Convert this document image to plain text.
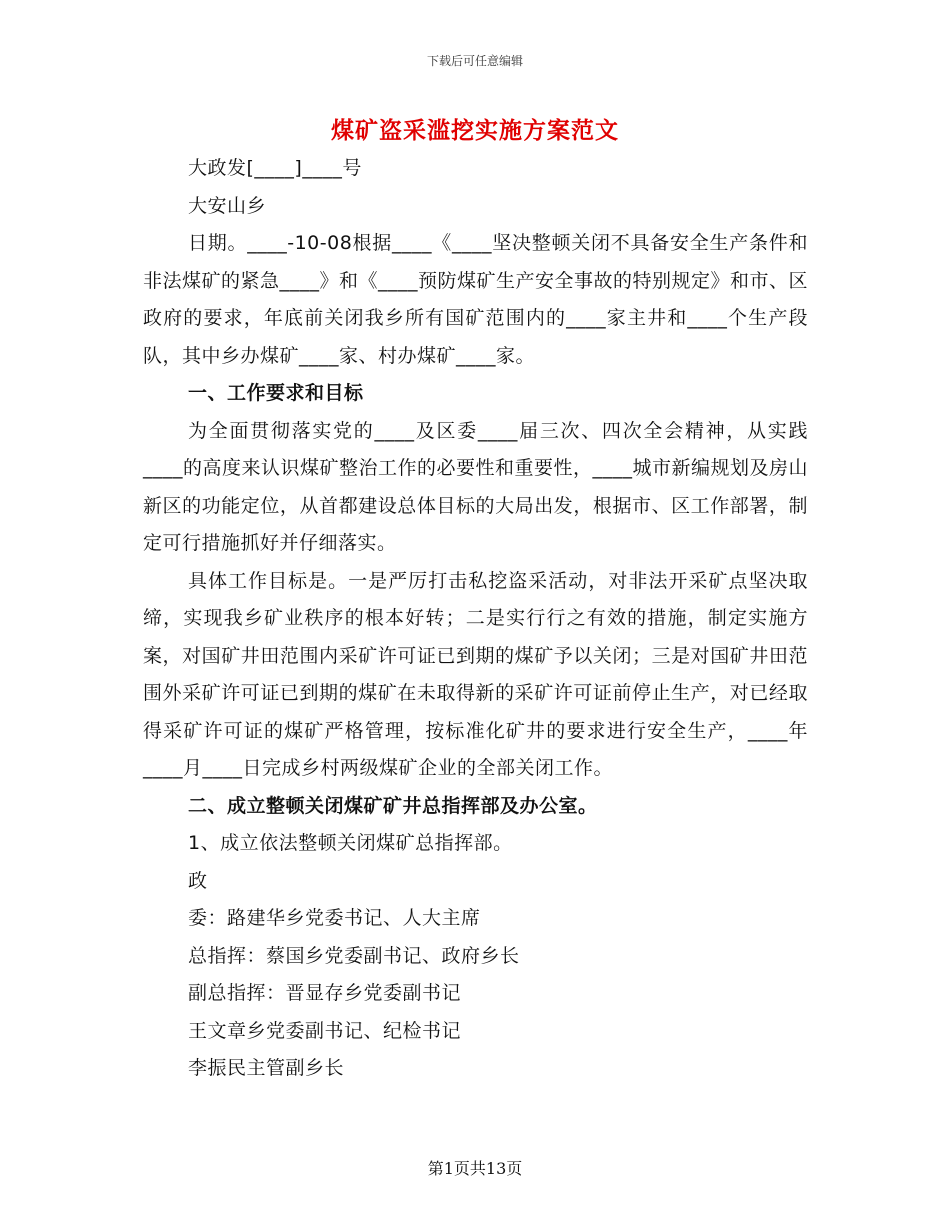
下载后可任意编辑
煤矿盗采滥挖实施方案范文

大政发[____]____号

大安山乡

日期。____-10-08根据____《____坚决整顿关闭不具备安全生产条件和非法煤矿的紧急____》和《____预防煤矿生产安全事故的特别规定》和市、区政府的要求，年底前关闭我乡所有国矿范围内的____家主井和____个生产段队，其中乡办煤矿____家、村办煤矿____家。

一、工作要求和目标

为全面贯彻落实党的____及区委____届三次、四次全会精神，从实践____的高度来认识煤矿整治工作的必要性和重要性，____城市新编规划及房山新区的功能定位，从首都建设总体目标的大局出发，根据市、区工作部署，制定可行措施抓好并仔细落实。

具体工作目标是。一是严厉打击私挖盗采活动，对非法开采矿点坚决取缔，实现我乡矿业秩序的根本好转；二是实行行之有效的措施，制定实施方案，对国矿井田范围内采矿许可证已到期的煤矿予以关闭；三是对国矿井田范围外采矿许可证已到期的煤矿在未取得新的采矿许可证前停止生产，对已经取得采矿许可证的煤矿严格管理，按标准化矿井的要求进行安全生产，____年____月____日完成乡村两级煤矿企业的全部关闭工作。

二、成立整顿关闭煤矿矿井总指挥部及办公室。

1、成立依法整顿关闭煤矿总指挥部。

政

委：路建华乡党委书记、人大主席

总指挥：蔡国乡党委副书记、政府乡长

副总指挥：晋显存乡党委副书记

王文章乡党委副书记、纪检书记

李振民主管副乡长

第1页共13页
